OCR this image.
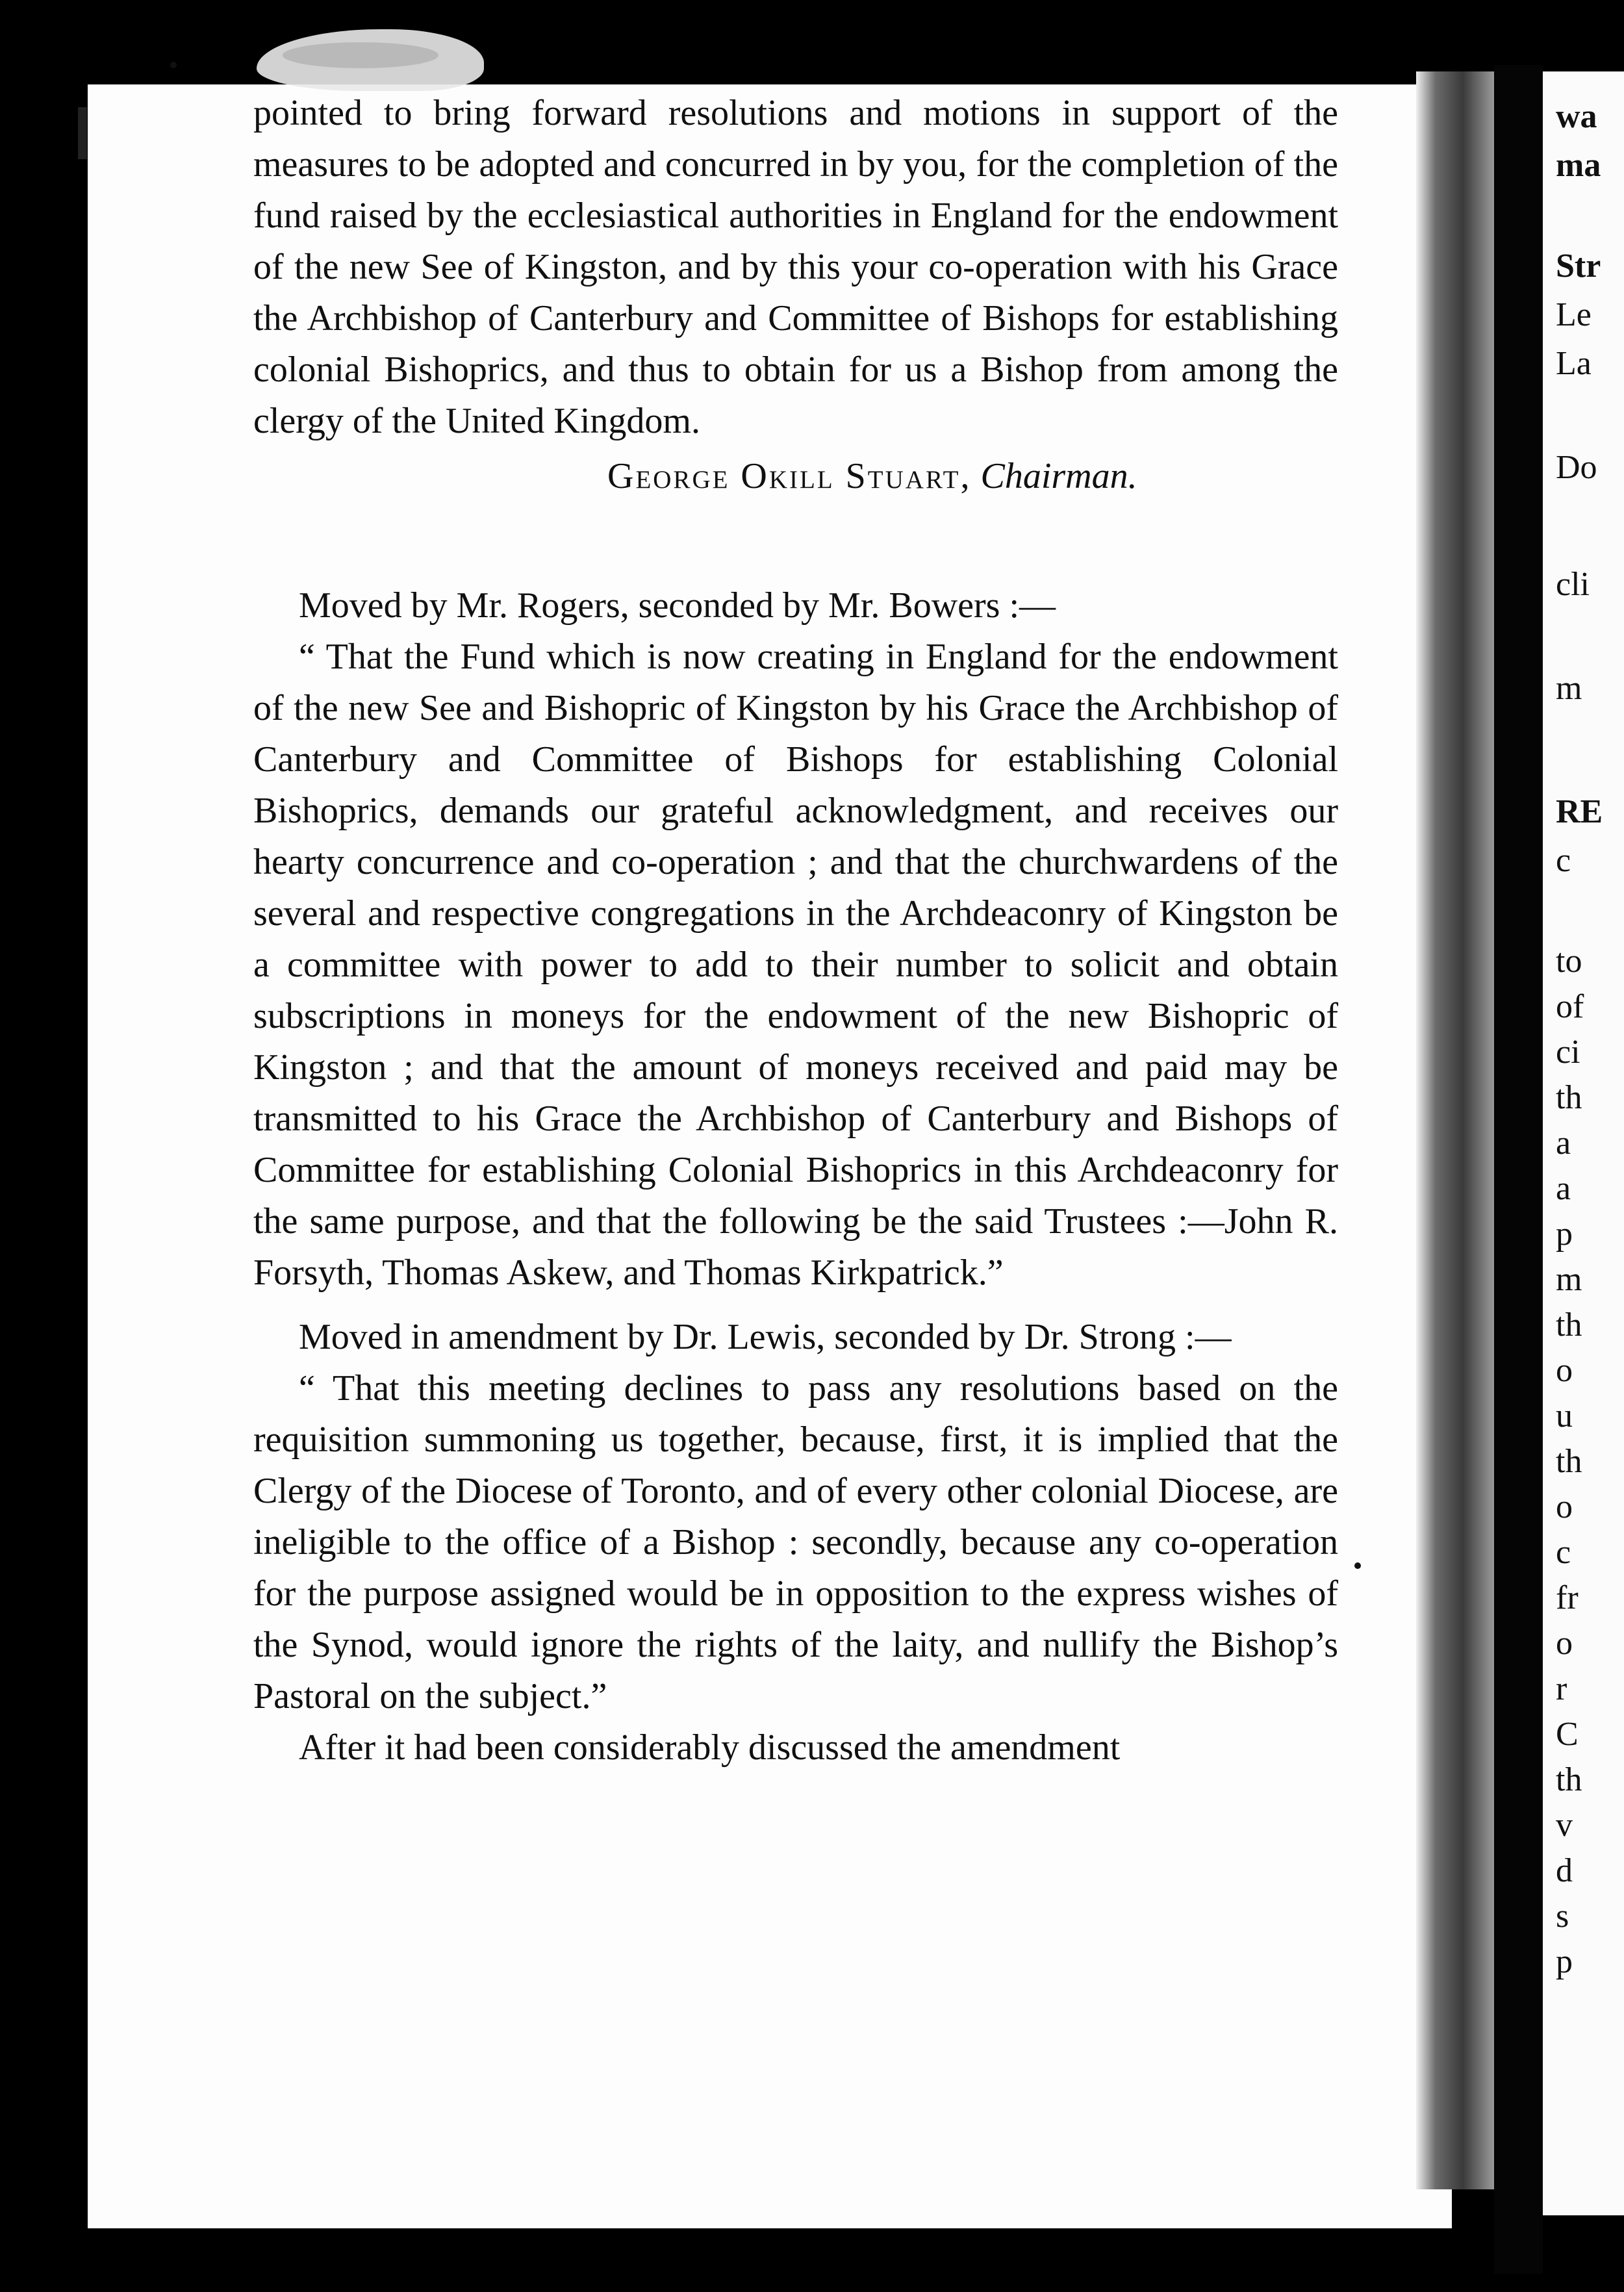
wa
ma
Str
Le
La
Do
cli
m
RE
c
to
of
ci
th
a
a
p
m
th
o
u
th
o
c
fr
o
r
C
th
v
d
s
p

pointed to bring forward resolutions and motions in support of the measures to be adopted and concurred in by you, for the completion of the fund raised by the ecclesiastical authorities in England for the endowment of the new See of Kingston, and by this your co-operation with his Grace the Archbishop of Canterbury and Committee of Bishops for establishing colonial Bishoprics, and thus to obtain for us a Bishop from among the clergy of the United Kingdom.

George Okill Stuart, Chairman.

Moved by Mr. Rogers, seconded by Mr. Bowers :—

“ That the Fund which is now creating in England for the endowment of the new See and Bishopric of Kingston by his Grace the Archbishop of Canterbury and Committee of Bishops for establishing Colonial Bishoprics, demands our grateful acknowledgment, and receives our hearty concurrence and co-operation ; and that the churchwardens of the several and respective congregations in the Archdeaconry of Kingston be a committee with power to add to their number to solicit and obtain subscriptions in moneys for the endowment of the new Bishopric of Kingston ; and that the amount of moneys received and paid may be transmitted to his Grace the Archbishop of Canterbury and Bishops of Committee for establishing Colonial Bishoprics in this Archdeaconry for the same purpose, and that the following be the said Trustees :—John R. Forsyth, Thomas Askew, and Thomas Kirkpatrick.”

Moved in amendment by Dr. Lewis, seconded by Dr. Strong :—

“ That this meeting declines to pass any resolutions based on the requisition summoning us together, because, first, it is implied that the Clergy of the Diocese of Toronto, and of every other colonial Diocese, are ineligible to the office of a Bishop : secondly, because any co-operation for the purpose assigned would be in opposition to the express wishes of the Synod, would ignore the rights of the laity, and nullify the Bishop’s Pastoral on the subject.”

After it had been considerably discussed the amendment
